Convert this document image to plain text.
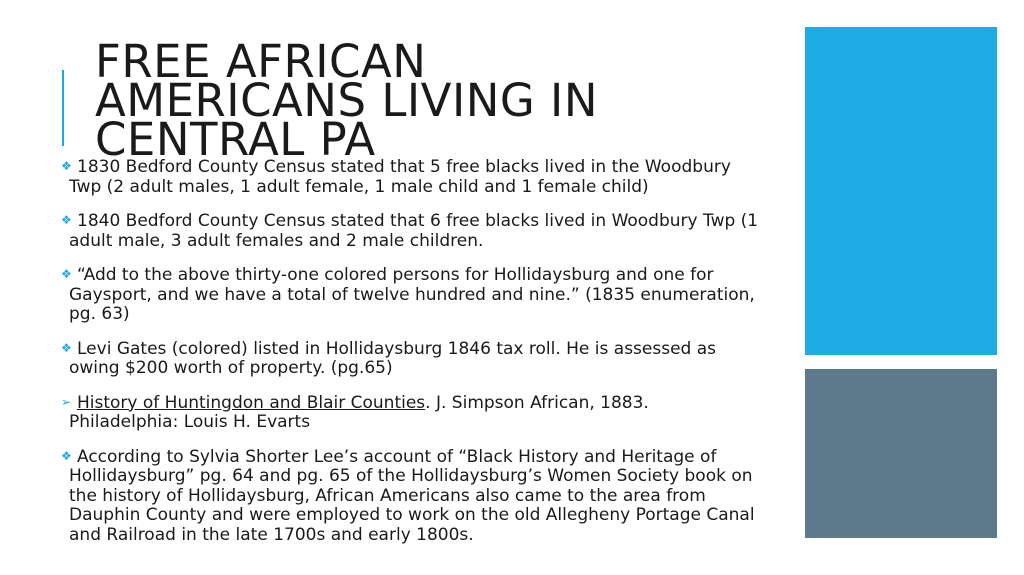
FREE AFRICAN
AMERICANS LIVING IN
CENTRAL PA
❖ 1830 Bedford County Census stated that 5 free blacks lived in the Woodbury
Twp (2 adult males, 1 adult female, 1 male child and 1 female child)
❖ 1840 Bedford County Census stated that 6 free blacks lived in Woodbury Twp (1
adult male, 3 adult females and 2 male children.
❖ “Add to the above thirty-one colored persons for Hollidaysburg and one for
Gaysport, and we have a total of twelve hundred and nine.” (1835 enumeration, pg. 63)
❖ Levi Gates (colored) listed in Hollidaysburg 1846 tax roll. He is assessed as
owing $200 worth of property. (pg.65)
➢ History of Huntingdon and Blair Counties. J. Simpson African, 1883.
Philadelphia: Louis H. Evarts
❖ According to Sylvia Shorter Lee’s account of “Black History and Heritage of
Hollidaysburg” pg. 64 and pg. 65 of the Hollidaysburg’s Women Society book on the history of Hollidaysburg, African Americans also came to the area from Dauphin County and were employed to work on the old Allegheny Portage Canal and Railroad in the late 1700s and early 1800s.
